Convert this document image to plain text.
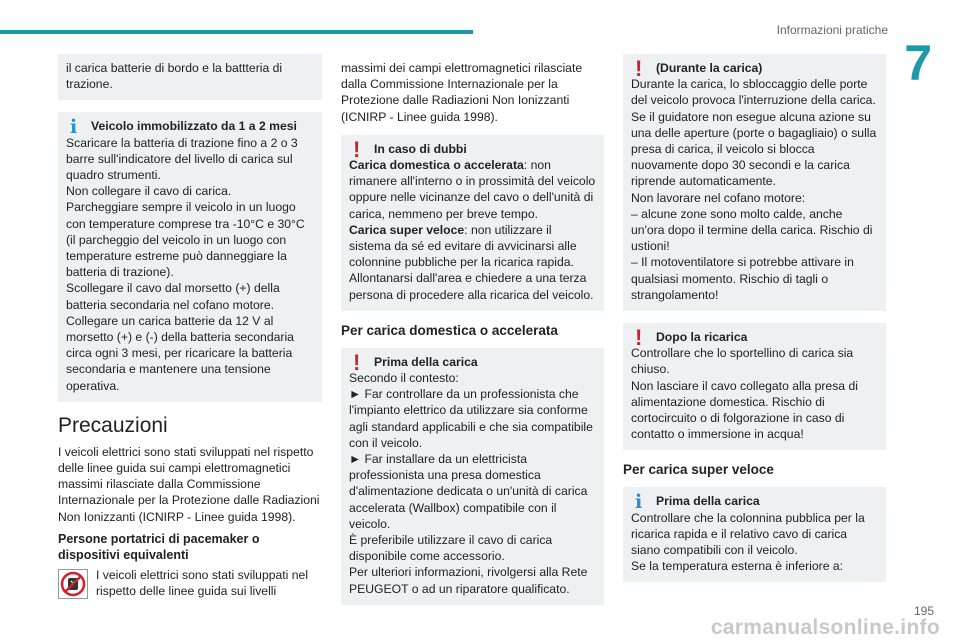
Informazioni pratiche
7

il carica batterie di bordo e la battteria di trazione.

i	Veicolo immobilizzato da 1 a 2 mesi

Scaricare la batteria di trazione fino a 2 o 3 barre sull'indicatore del livello di carica sul quadro strumenti.

Non collegare il cavo di carica.

Parcheggiare sempre il veicolo in un luogo con temperature comprese tra -10°C e 30°C (il parcheggio del veicolo in un luogo con temperature estreme può danneggiare la batteria di trazione).

Scollegare il cavo dal morsetto (+) della batteria secondaria nel cofano motore.

Collegare un carica batterie da 12 V al morsetto (+) e (-) della batteria secondaria circa ogni 3 mesi, per ricaricare la batteria secondaria e mantenere una tensione operativa.

Precauzioni

I veicoli elettrici sono stati sviluppati nel rispetto delle linee guida sui campi elettromagnetici massimi rilasciate dalla Commissione Internazionale per la Protezione dalle Radiazioni Non Ionizzanti (ICNIRP - Linee guida 1998).

Persone portatrici di pacemaker o dispositivi equivalenti

I veicoli elettrici sono stati sviluppati nel rispetto delle linee guida sui livelli

massimi dei campi elettromagnetici rilasciate dalla Commissione Internazionale per la Protezione dalle Radiazioni Non Ionizzanti (ICNIRP - Linee guida 1998).

!	In caso di dubbi

Carica domestica o accelerata: non rimanere all'interno o in prossimità del veicolo oppure nelle vicinanze del cavo o dell'unità di carica, nemmeno per breve tempo.

Carica super veloce: non utilizzare il sistema da sé ed evitare di avvicinarsi alle colonnine pubbliche per la ricarica rapida. Allontanarsi dall'area e chiedere a una terza persona di procedere alla ricarica del veicolo.

Per carica domestica o accelerata
!	Prima della carica

Secondo il contesto:

► Far controllare da un professionista che l'impianto elettrico da utilizzare sia conforme agli standard applicabili e che sia compatibile con il veicolo.

► Far installare da un elettricista professionista una presa domestica d'alimentazione dedicata o un'unità di carica accelerata (Wallbox) compatibile con il veicolo.

È preferibile utilizzare il cavo di carica disponibile come accessorio.

Per ulteriori informazioni, rivolgersi alla Rete PEUGEOT o ad un riparatore qualificato.

!	(Durante la carica)

Durante la carica, lo sbloccaggio delle porte del veicolo provoca l'interruzione della carica.

Se il guidatore non esegue alcuna azione su una delle aperture (porte o bagagliaio) o sulla presa di carica, il veicolo si blocca nuovamente dopo 30 secondi e la carica riprende automaticamente.

Non lavorare nel cofano motore:

– alcune zone sono molto calde, anche un'ora dopo il termine della carica. Rischio di ustioni!

– Il motoventilatore si potrebbe attivare in qualsiasi momento. Rischio di tagli o strangolamento!

!	Dopo la ricarica

Controllare che lo sportellino di carica sia chiuso.

Non lasciare il cavo collegato alla presa di alimentazione domestica. Rischio di cortocircuito o di folgorazione in caso di contatto o immersione in acqua!

Per carica super veloce
i	Prima della carica

Controllare che la colonnina pubblica per la ricarica rapida e il relativo cavo di carica siano compatibili con il veicolo.

Se la temperatura esterna è inferiore a:

195
carmanualsonline.info
